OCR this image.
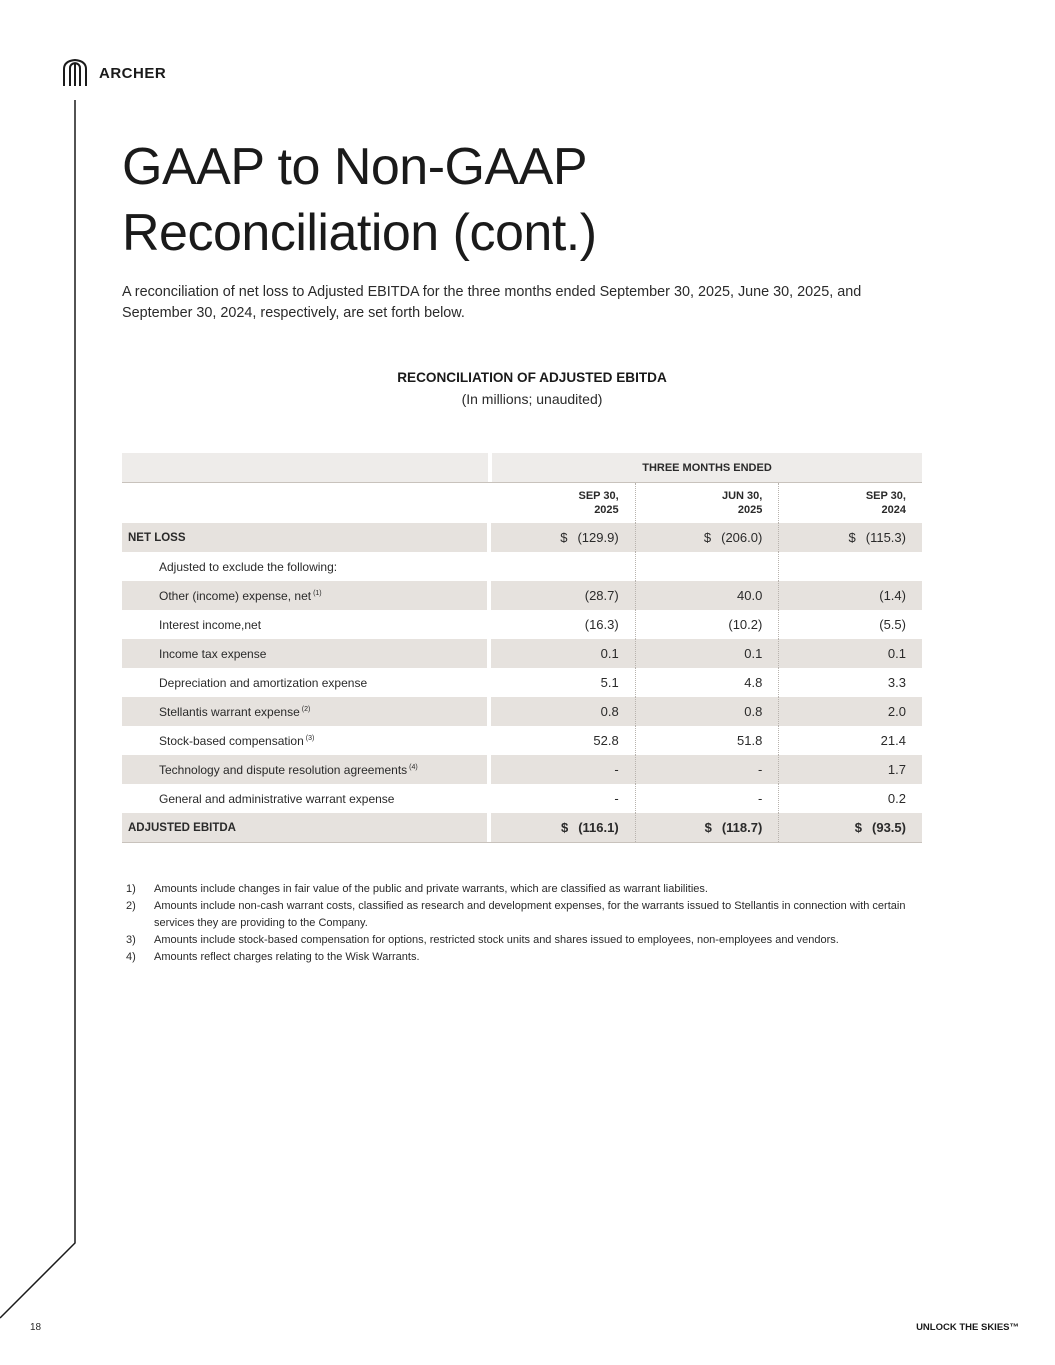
ARCHER
GAAP to Non-GAAP
Reconciliation (cont.)

A reconciliation of net loss to Adjusted EBITDA for the three months ended September 30, 2025, June 30, 2025, and September 30, 2024, respectively, are set forth below.

RECONCILIATION OF ADJUSTED EBITDA
(In millions; unaudited)
THREE MONTHS ENDED
SEP 30,
2025
JUN 30,
2025
SEP 30,
2024
NET LOSS	$ (129.9)	$ (206.0)	$ (115.3)
Adjusted to exclude the following:
Other (income) expense, net $^{(1)}$	(28.7)	40.0	(1.4)
Interest income,net	(16.3)	(10.2)	(5.5)
Income tax expense	0.1	0.1	0.1
Depreciation and amortization expense	5.1	4.8	3.3
Stellantis warrant expense $^{(2)}$	0.8	0.8	2.0
Stock-based compensation $^{(3)}$	52.8	51.8	21.4
Technology and dispute resolution agreements $^{(4)}$	-	-	1.7
General and administrative warrant expense	-	-	0.2
ADJUSTED EBITDA	$ (116.1)	$ (118.7)	$ (93.5)
1)	Amounts include changes in fair value of the public and private warrants, which are classified as warrant liabilities.
2)	Amounts include non-cash warrant costs, classified as research and development expenses, for the warrants issued to Stellantis in connection with certain services they are providing to the Company.
3)	Amounts include stock-based compensation for options, restricted stock units and shares issued to employees, non-employees and vendors.
4)	Amounts reflect charges relating to the Wisk Warrants.
18	UNLOCK THE SKIES™
